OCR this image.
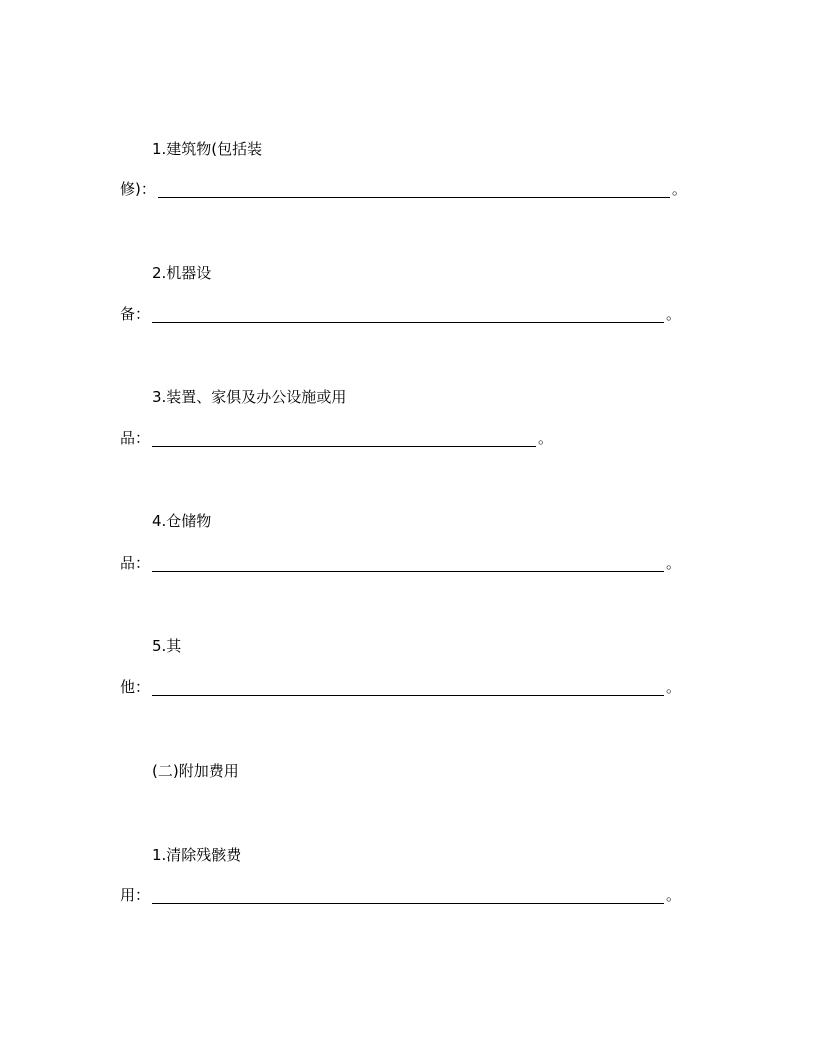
1.建筑物(包括装
修)：	。
2.机器设
备：	。
3.装置、家俱及办公设施或用
品：	。
4.仓储物
品：	。
5.其
他：	。
(二)附加费用
1.清除残骸费
用：	。
